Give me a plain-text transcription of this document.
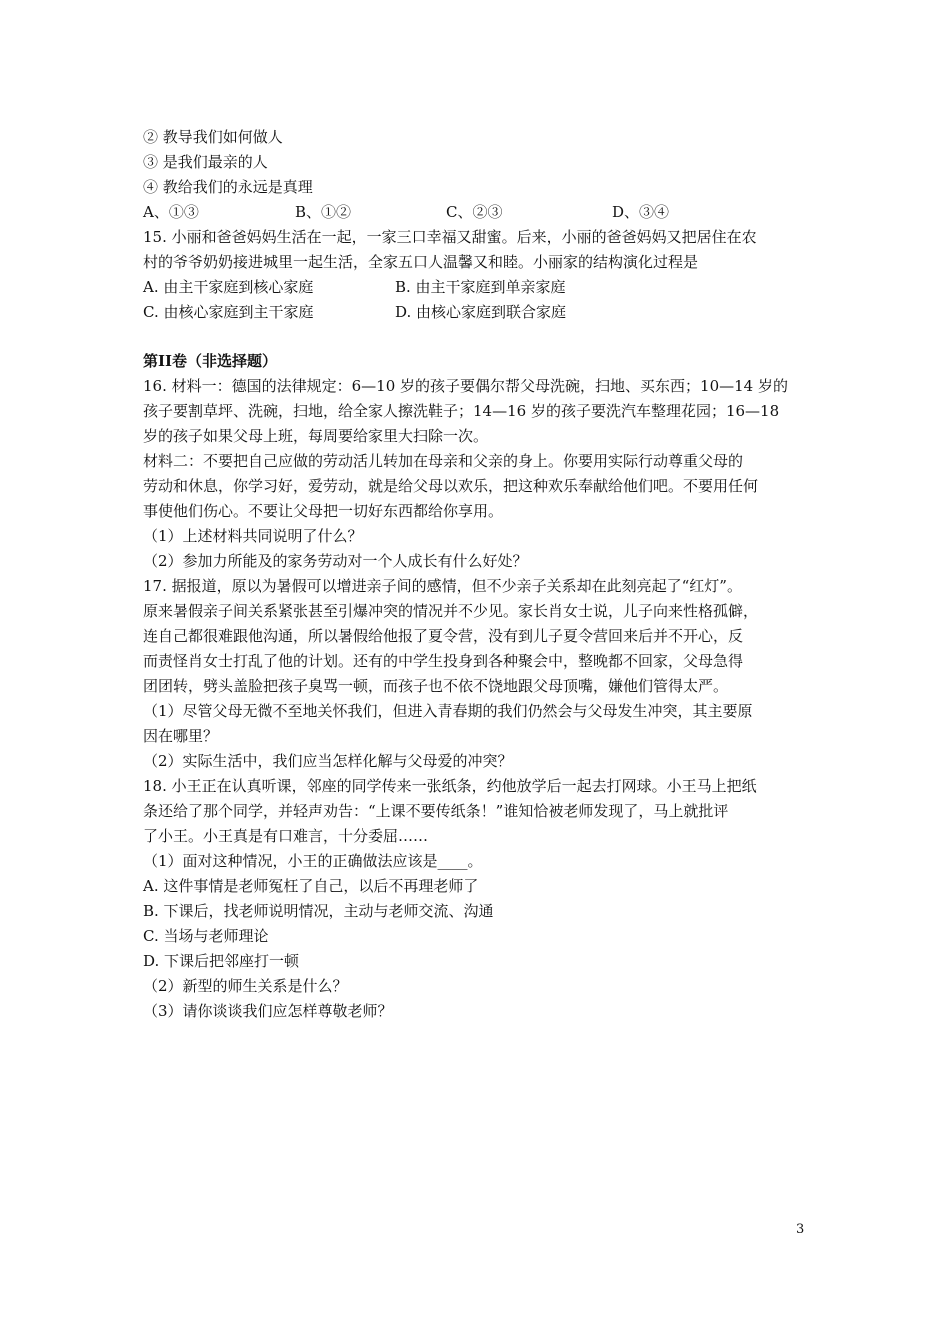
② 教导我们如何做人
③ 是我们最亲的人
④ 教给我们的永远是真理
A、①③	B、①②	C、②③	D、③④
15. 小丽和爸爸妈妈生活在一起，一家三口幸福又甜蜜。后来，小丽的爸爸妈妈又把居住在农
村的爷爷奶奶接进城里一起生活，全家五口人温馨又和睦。小丽家的结构演化过程是
A. 由主干家庭到核心家庭	B. 由主干家庭到单亲家庭
C. 由核心家庭到主干家庭	D. 由核心家庭到联合家庭
第II卷（非选择题）
16. 材料一：德国的法律规定：6—10 岁的孩子要偶尔帮父母洗碗，扫地、买东西；10—14 岁的
孩子要割草坪、洗碗，扫地，给全家人擦洗鞋子；14—16 岁的孩子要洗汽车整理花园；16—18
岁的孩子如果父母上班，每周要给家里大扫除一次。
材料二：不要把自己应做的劳动活儿转加在母亲和父亲的身上。你要用实际行动尊重父母的
劳动和休息，你学习好，爱劳动，就是给父母以欢乐，把这种欢乐奉献给他们吧。不要用任何
事使他们伤心。不要让父母把一切好东西都给你享用。
（1）上述材料共同说明了什么？
（2）参加力所能及的家务劳动对一个人成长有什么好处？
17. 据报道，原以为暑假可以增进亲子间的感情，但不少亲子关系却在此刻亮起了“红灯”。
原来暑假亲子间关系紧张甚至引爆冲突的情况并不少见。家长肖女士说，儿子向来性格孤僻，
连自己都很难跟他沟通，所以暑假给他报了夏令营，没有到儿子夏令营回来后并不开心，反
而责怪肖女士打乱了他的计划。还有的中学生投身到各种聚会中，整晚都不回家，父母急得
团团转，劈头盖脸把孩子臭骂一顿，而孩子也不依不饶地跟父母顶嘴，嫌他们管得太严。
（1）尽管父母无微不至地关怀我们，但进入青春期的我们仍然会与父母发生冲突，其主要原
因在哪里？
（2）实际生活中，我们应当怎样化解与父母爱的冲突？
18. 小王正在认真听课，邻座的同学传来一张纸条，约他放学后一起去打网球。小王马上把纸
条还给了那个同学，并轻声劝告：“上课不要传纸条！”谁知恰被老师发现了，马上就批评
了小王。小王真是有口难言，十分委屈……
（1）面对这种情况，小王的正确做法应该是____。
A. 这件事情是老师冤枉了自己，以后不再理老师了
B. 下课后，找老师说明情况，主动与老师交流、沟通
C. 当场与老师理论
D. 下课后把邻座打一顿
（2）新型的师生关系是什么？
（3）请你谈谈我们应怎样尊敬老师？
3
